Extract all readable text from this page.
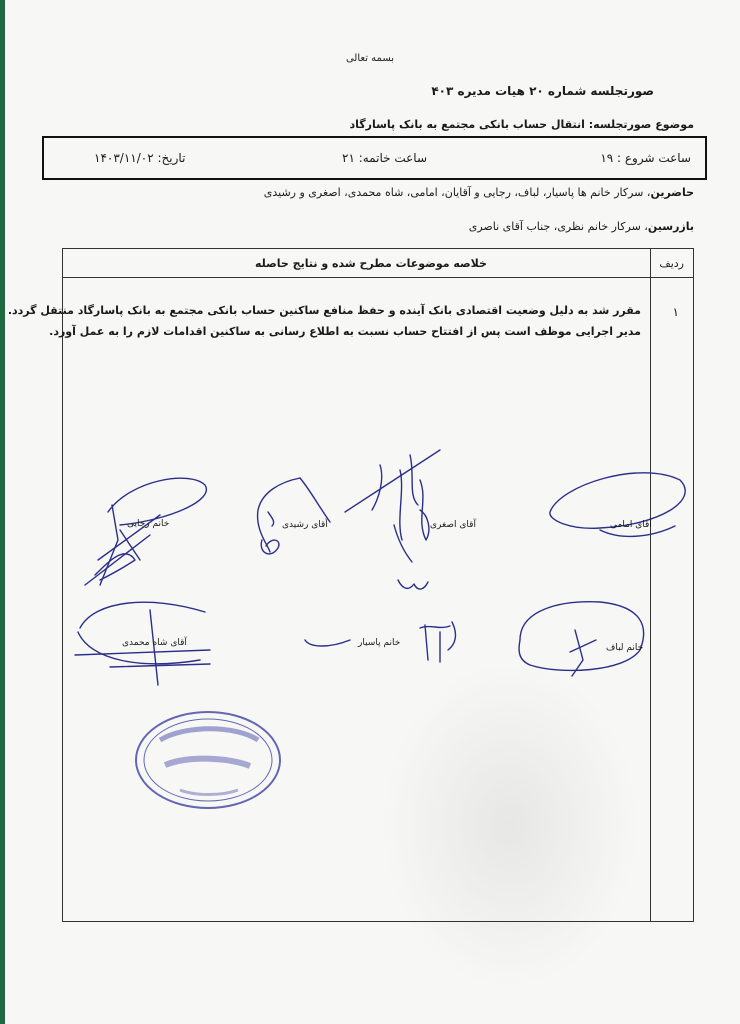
بسمه تعالی
صورتجلسه شماره ۲۰ هیات مدیره ۴۰۳
موضوع صورتجلسه: انتقال حساب بانکی مجتمع به بانک پاسارگاد
ساعت شروع : ۱۹
ساعت خاتمه: ۲۱
تاریخ: ۱۴۰۳/۱۱/۰۲
حاضرین، سرکار خانم ها پاسیار، لباف، رجایی و آقایان، امامی، شاه محمدی، اصغری و رشیدی
بازرسین، سرکار خانم نظری، جناب آقای ناصری
ردیف
خلاصه موضوعات مطرح شده و نتایج حاصله
۱
مقرر شد به دلیل وضعیت اقتصادی بانک آینده و حفظ منافع ساکنین حساب بانکی مجتمع به بانک پاسارگاد منتقل گردد.
مدیر اجرایی موظف است پس از افتتاح حساب نسبت به اطلاع رسانی به ساکنین اقدامات لازم را به عمل آورد.
خانم رجایی	آقای رشیدی	آقای اصغری	آقای امامی
آقای شاه محمدی	خانم پاسیار	خانم لباف
